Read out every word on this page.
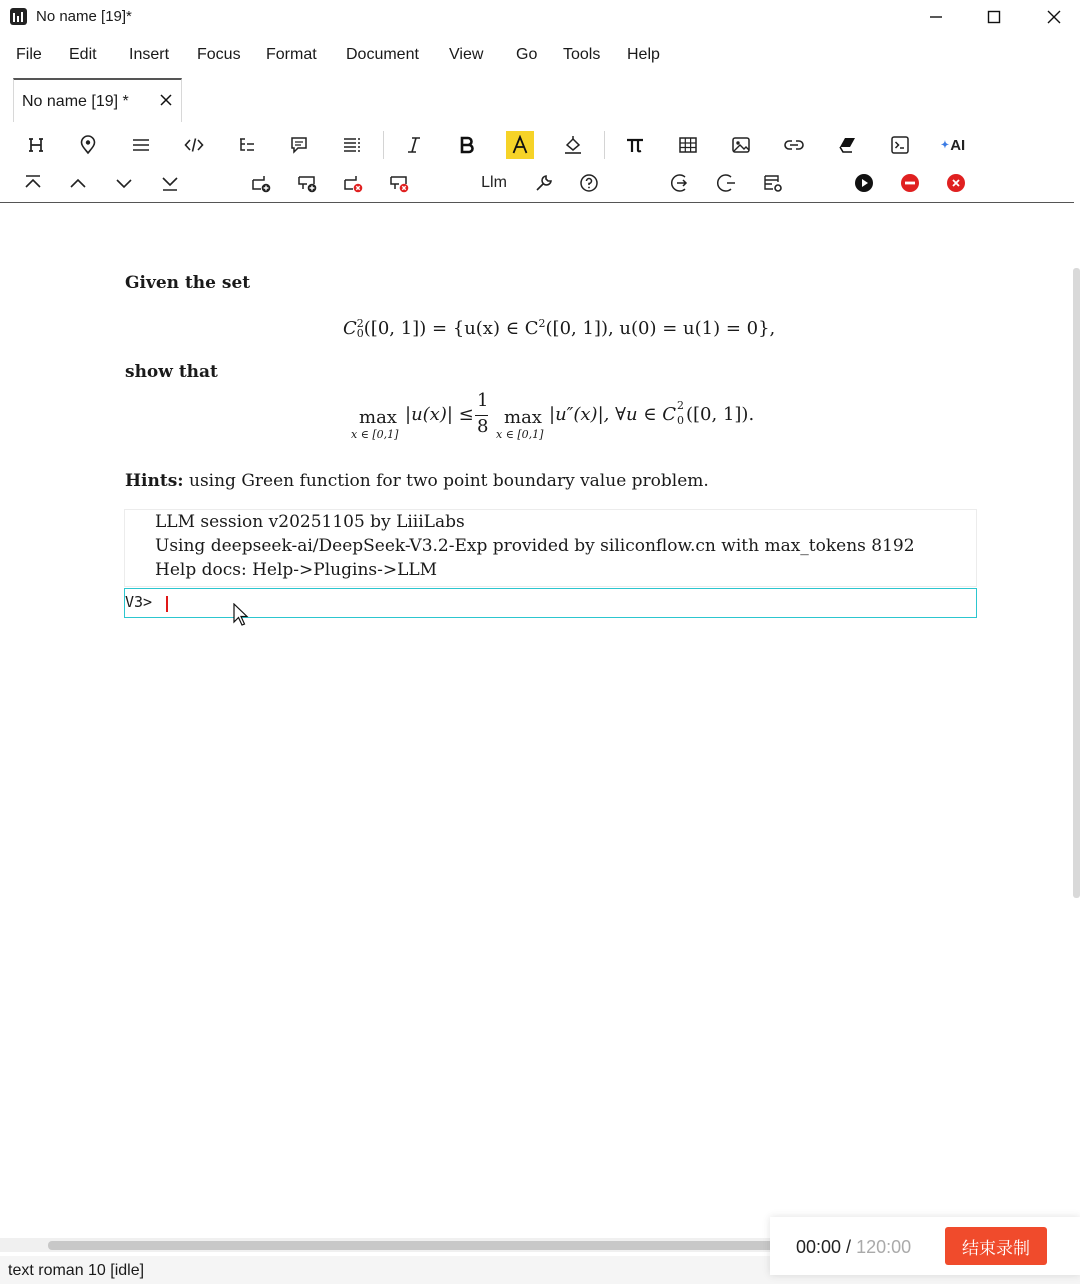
No name [19]*
File Edit Insert Focus Format Document View Go Tools Help
No name [19] *
✦ AI
Llm
Given the set
C 2
0 ([0, 1]) = {u(x) ∈ $C^2([0$, 1]), u(0) = u(1) = 0},
show that
max
x ∈ [0,1]
|u(x)| ≤
1
8 max
x ∈ [0,1]
|u″(x)|, ∀u ∈ C 2
0 ([0, 1]).
Hints: using Green function for two point boundary value problem.
LLM session v20251105 by LiiiLabs
Using deepseek-ai/DeepSeek-V3.2-Exp provided by siliconflow.cn with max_tokens 8192
Help docs: Help->Plugins->LLM
V3>
text roman 10 [idle]
00:00 / 120:00	结束录制
